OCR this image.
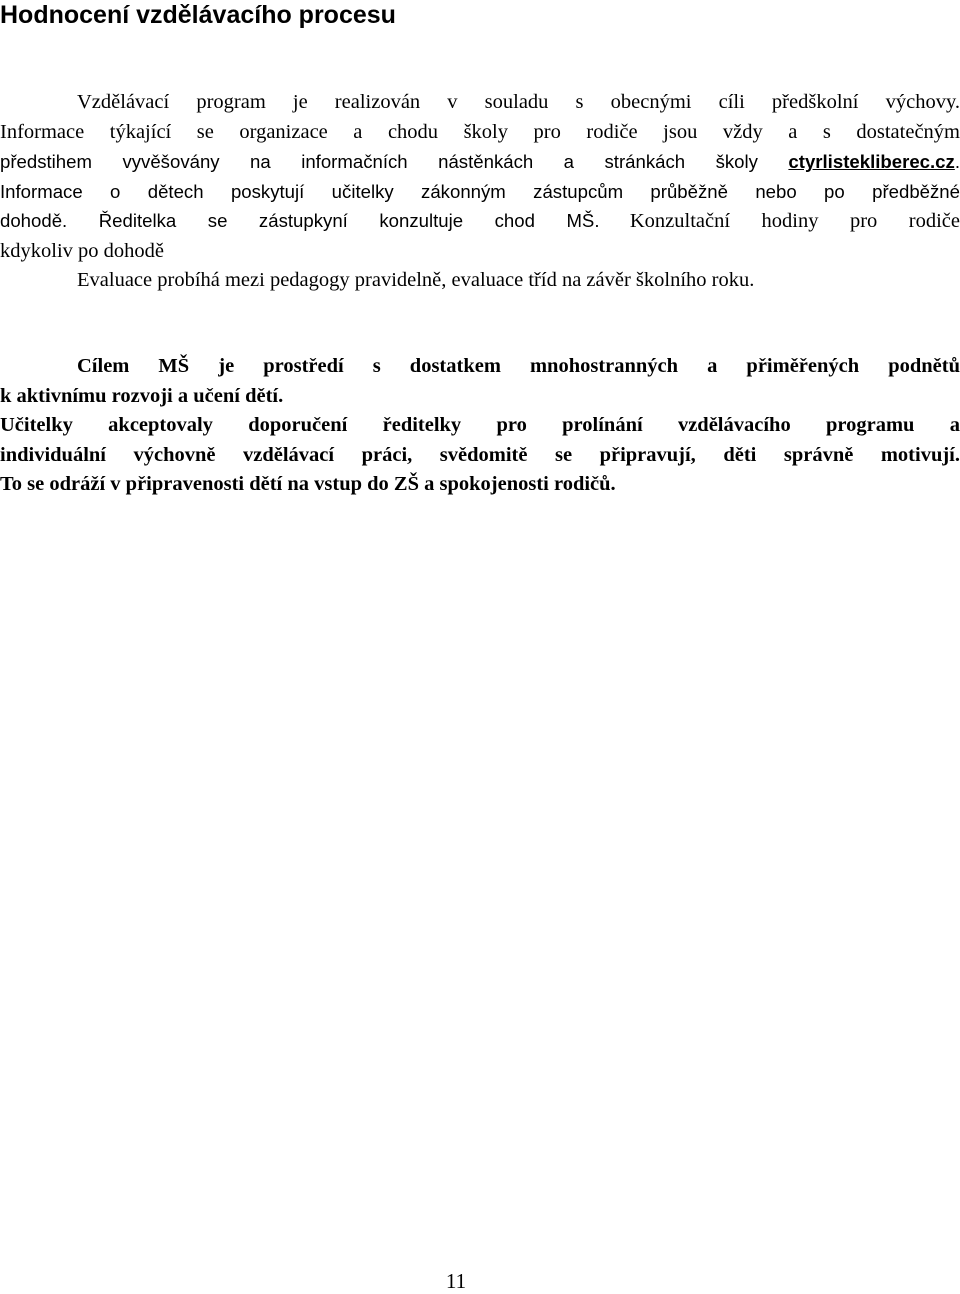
Hodnocení vzdělávacího procesu
Vzdělávací program je realizován v souladu s obecnými cíli předškolní výchovy.
Informace týkající se organizace a chodu školy pro rodiče jsou vždy a s dostatečným
předstihem vyvěšovány na informačních nástěnkách a stránkách školy ctyrlistekliberec.cz.
Informace o dětech poskytují učitelky zákonným zástupcům průběžně nebo po předběžné
dohodě. Ředitelka se zástupkyní konzultuje chod MŠ. Konzultační hodiny pro rodiče
kdykoliv po dohodě
Evaluace probíhá mezi pedagogy pravidelně, evaluace tříd na závěr školního roku.
Cílem MŠ je prostředí s dostatkem mnohostranných a přiměřených podnětů
k aktivnímu rozvoji a učení dětí.
Učitelky akceptovaly doporučení ředitelky pro prolínání vzdělávacího programu a
individuální výchovně vzdělávací práci, svědomitě se připravují, děti správně motivují.
To se odráží v připravenosti dětí na vstup do ZŠ a spokojenosti rodičů.
11
